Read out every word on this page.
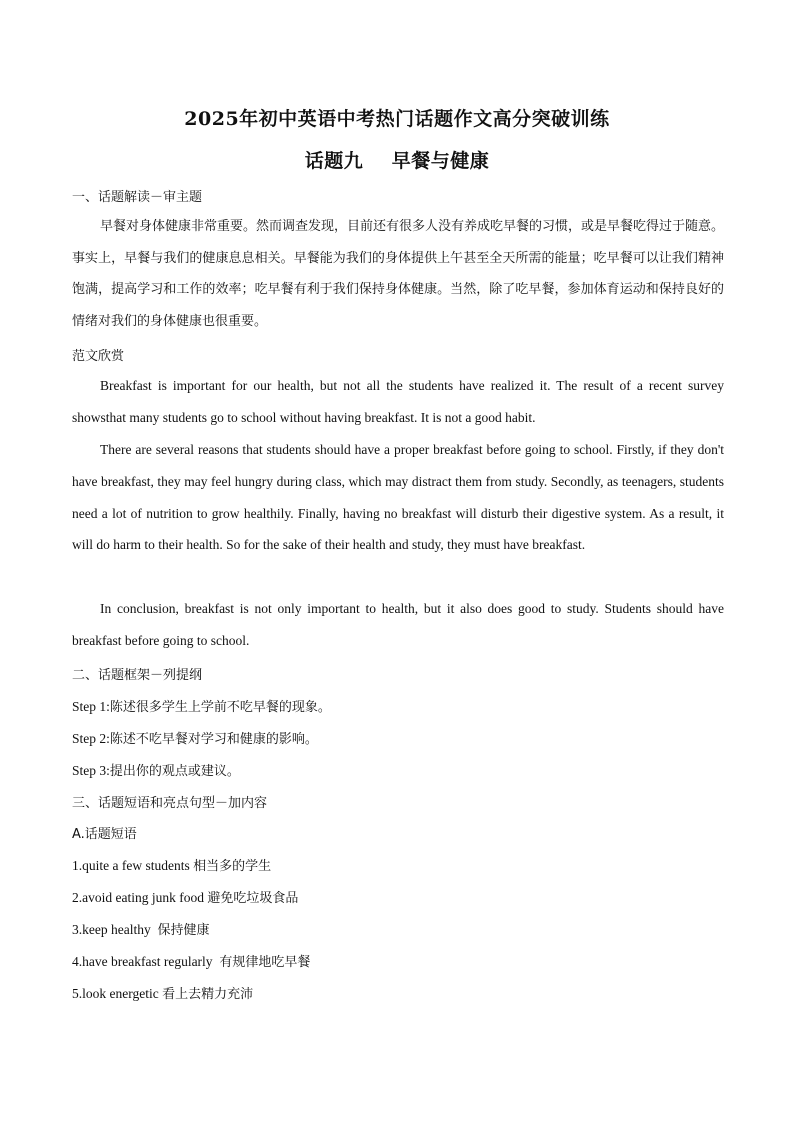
2025年初中英语中考热门话题作文高分突破训练
话题九    早餐与健康
一、话题解读－审主题
早餐对身体健康非常重要。然而调查发现，目前还有很多人没有养成吃早餐的习惯，或是早餐吃得过于随意。事实上，早餐与我们的健康息息相关。早餐能为我们的身体提供上午甚至全天所需的能量；吃早餐可以让我们精神饱满，提高学习和工作的效率；吃早餐有利于我们保持身体健康。当然，除了吃早餐，参加体育运动和保持良好的情绪对我们的身体健康也很重要。
范文欣赏
Breakfast is important for our health, but not all the students have realized it. The result of a recent survey showsthat many students go to school without having breakfast. It is not a good habit.
There are several reasons that students should have a proper breakfast before going to school. Firstly, if they don't have breakfast, they may feel hungry during class, which may distract them from study. Secondly, as teenagers, students need a lot of nutrition to grow healthily. Finally, having no breakfast will disturb their digestive system. As a result, it will do harm to their health. So for the sake of their health and study, they must have breakfast.
In conclusion, breakfast is not only important to health, but it also does good to study. Students should have breakfast before going to school.
二、话题框架－列提纲
Step 1:陈述很多学生上学前不吃早餐的现象。
Step 2:陈述不吃早餐对学习和健康的影响。
Step 3:提出你的观点或建议。
三、话题短语和亮点句型－加内容
A.话题短语
1.quite a few students 相当多的学生
2.avoid eating junk food 避免吃垃圾食品
3.keep healthy 保持健康
4.have breakfast regularly 有规律地吃早餐
5.look energetic 看上去精力充沛
